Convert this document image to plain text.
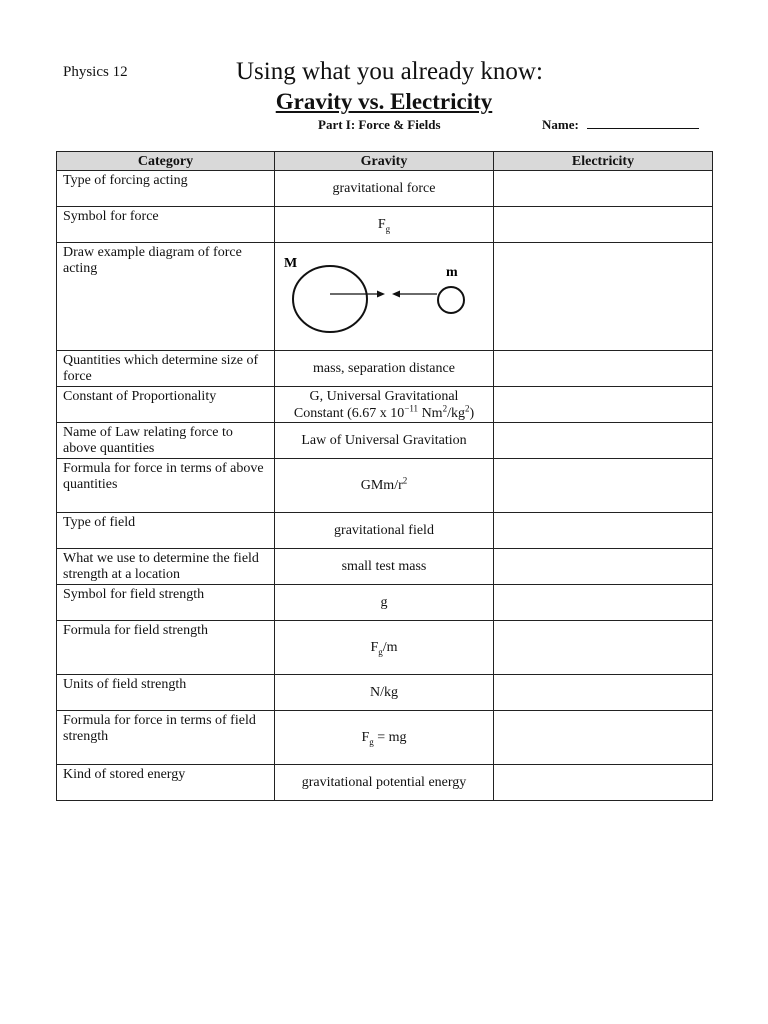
Physics 12	Using what you already know:
Gravity vs. Electricity
Part I: Force & Fields	Name:
Category	Gravity	Electricity
Type of forcing acting	gravitational force	
Symbol for force	$F_g$	
Draw example diagram of force acting	M
m	

Quantities which determine size of force	mass, separation distance	
Constant of Proportionality	G, Universal Gravitational
Constant (6.67 x $10^{-11}$ $Nm^2/kg^2$)	

Name of Law relating force to above quantities	Law of Universal Gravitation	
Formula for force in terms of above quantities	GMm/$r^2$	
Type of field	gravitational field	
What we use to determine the field strength at a location	small test mass	
Symbol for field strength	g	
Formula for field strength	$F_g/m$	
Units of field strength	N/kg	
Formula for force in terms of field strength	$F_g$ = mg	
Kind of stored energy	gravitational potential energy	
